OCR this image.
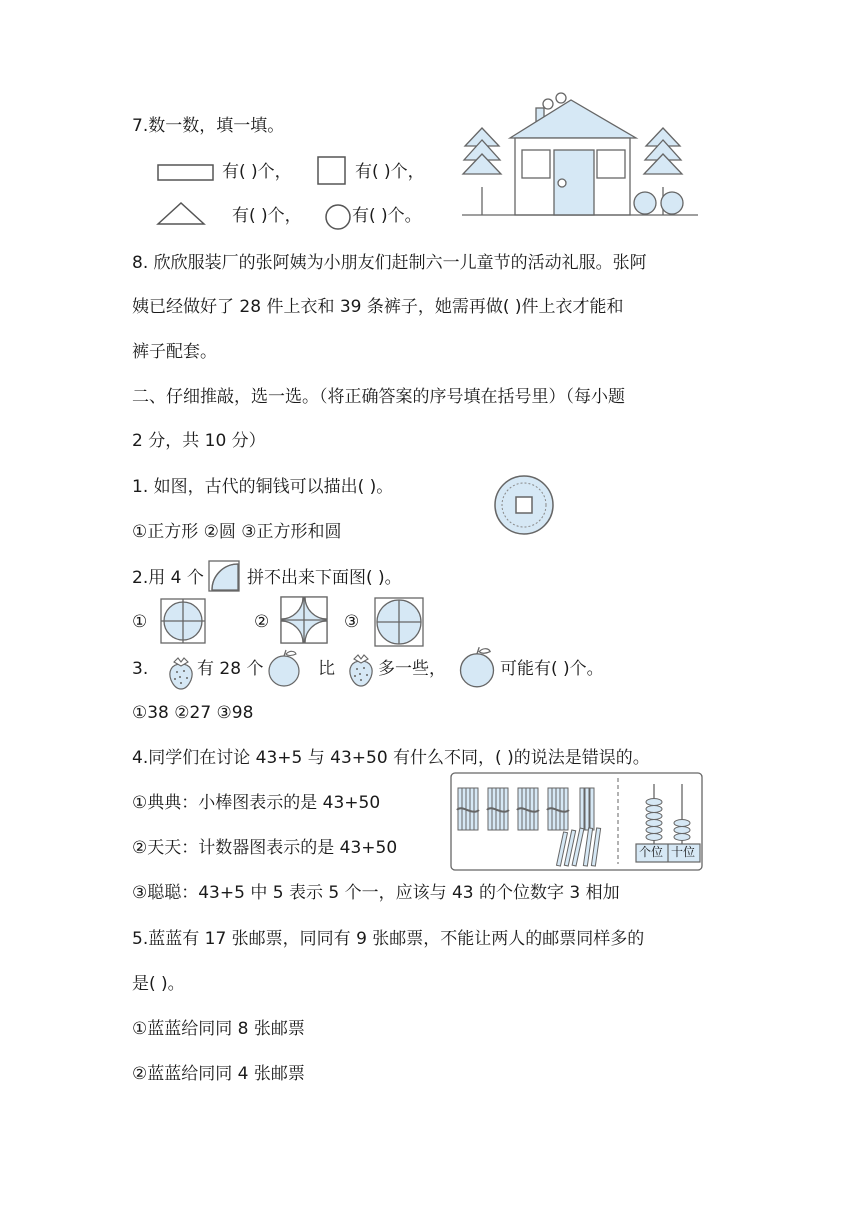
7.数一数，填一填。
有( )个，	有( )个，
有( )个，	有( )个。
8. 欣欣服装厂的张阿姨为小朋友们赶制六一儿童节的活动礼服。张阿
姨已经做好了 28 件上衣和 39 条裤子，她需再做( )件上衣才能和
裤子配套。
二、仔细推敲，选一选。（将正确答案的序号填在括号里）（每小题
2 分，共 10 分）
1. 如图，古代的铜钱可以描出( )。
①正方形 ②圆 ③正方形和圆
2.用 4 个	拼不出来下面图( )。
①	②	③
3.	有 28 个	比	多一些，	可能有( )个。
①38 ②27 ③98
4.同学们在讨论 43+5 与 43+50 有什么不同，( )的说法是错误的。
①典典：小棒图表示的是 43+50
②天天：计数器图表示的是 43+50	个位 十位
③聪聪：43+5 中 5 表示 5 个一，应该与 43 的个位数字 3 相加
5.蓝蓝有 17 张邮票，同同有 9 张邮票，不能让两人的邮票同样多的
是( )。
①蓝蓝给同同 8 张邮票
②蓝蓝给同同 4 张邮票
